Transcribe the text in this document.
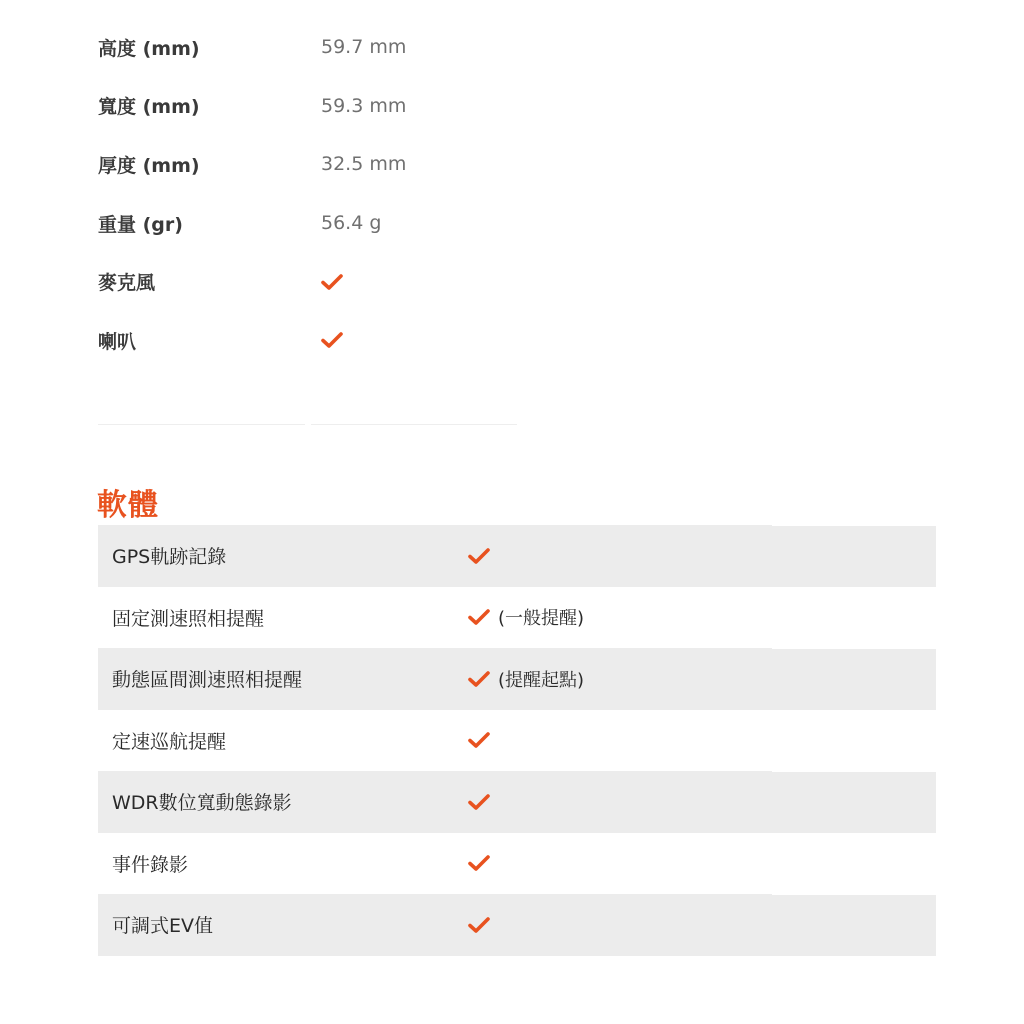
高度 (mm)	59.7 mm
寬度 (mm)	59.3 mm
厚度 (mm)	32.5 mm
重量 (gr)	56.4 g
麥克風
喇叭
軟體
GPS軌跡記錄
固定測速照相提醒	(一般提醒)
動態區間測速照相提醒	(提醒起點)
定速巡航提醒
WDR數位寬動態錄影
事件錄影
可調式EV值
